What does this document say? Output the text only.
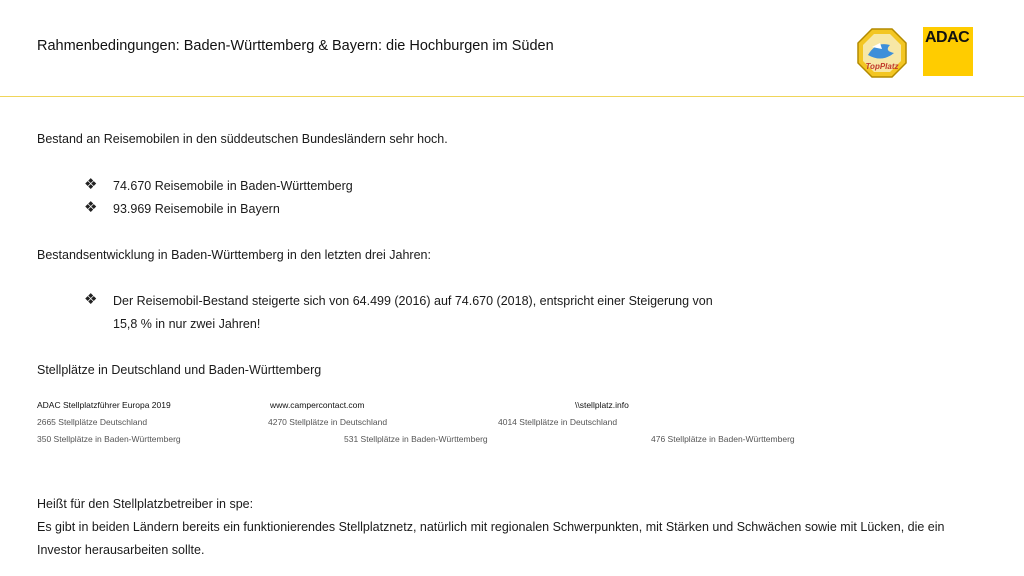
Rahmenbedingungen: Baden-Württemberg & Bayern: die Hochburgen im Süden
TopPlatz
ADAC
Bestand an Reisemobilen in den süddeutschen Bundesländern sehr hoch.
❖ 74.670 Reisemobile in Baden-Württemberg
❖ 93.969 Reisemobile in Bayern
Bestandsentwicklung in Baden-Württemberg in den letzten drei Jahren:
❖ Der Reisemobil-Bestand steigerte sich von 64.499 (2016) auf 74.670 (2018), entspricht einer Steigerung von
15,8 % in nur zwei Jahren!
Stellplätze in Deutschland und Baden-Württemberg
ADAC Stellplatzführer Europa 2019
2665 Stellplätze Deutschland
350 Stellplätze in Baden-Württemberg
www.campercontact.com
4270 Stellplätze in Deutschland
531 Stellplätze in Baden-Württemberg
\\stellplatz.info
4014 Stellplätze in Deutschland
476 Stellplätze in Baden-Württemberg
Heißt für den Stellplatzbetreiber in spe:
Es gibt in beiden Ländern bereits ein funktionierendes Stellplatznetz, natürlich mit regionalen Schwerpunkten, mit Stärken und Schwächen sowie mit Lücken, die ein
Investor herausarbeiten sollte.
